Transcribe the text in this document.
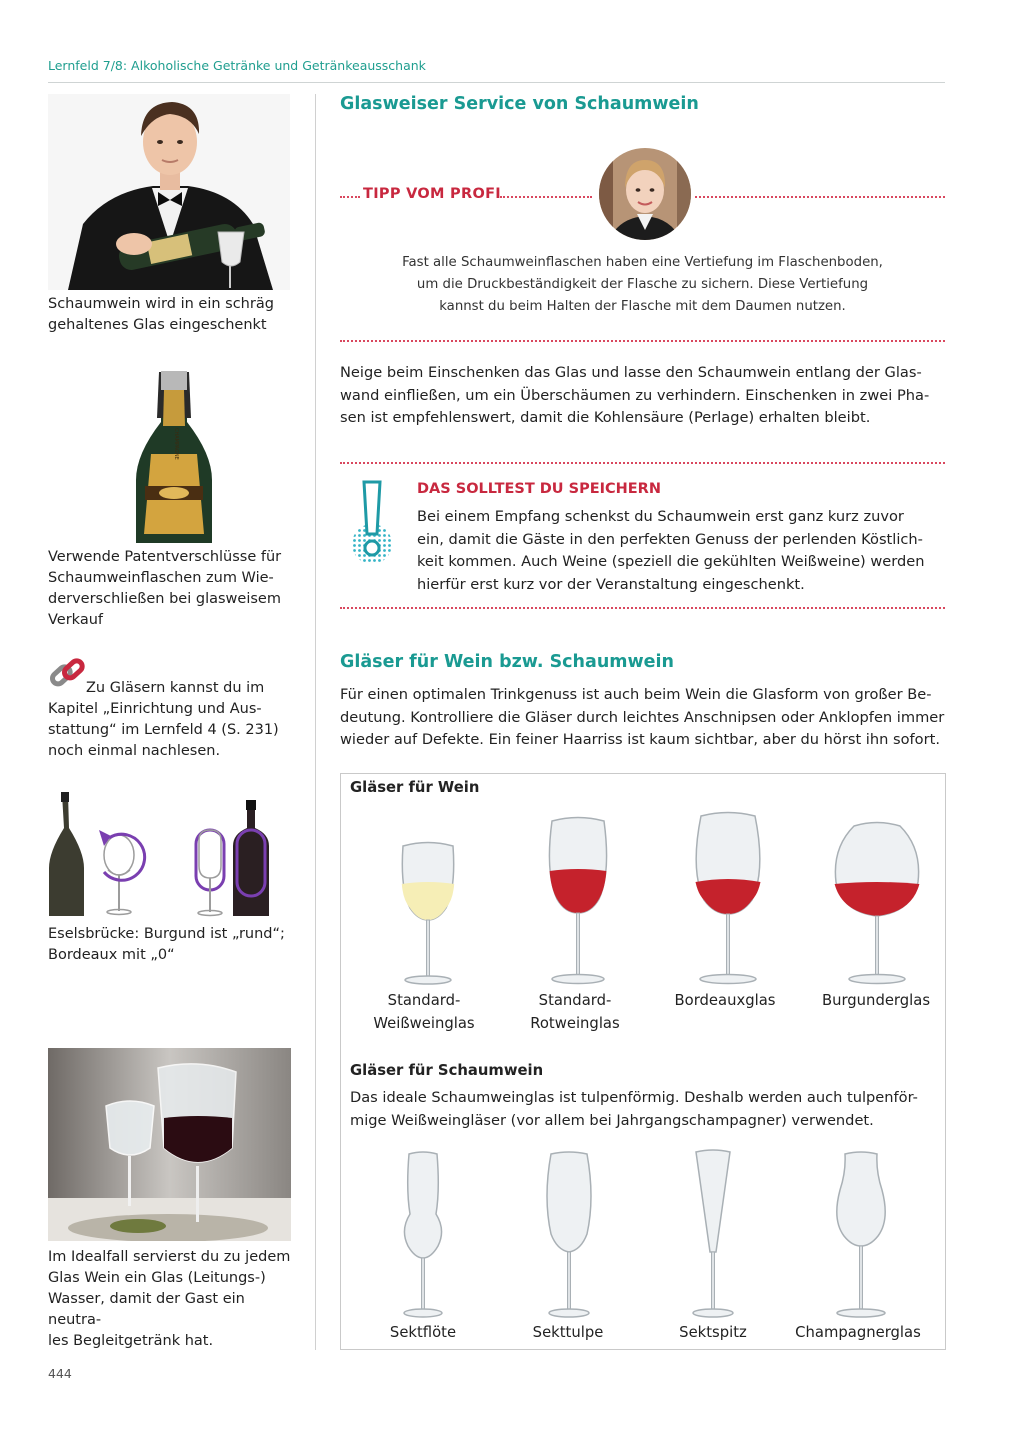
Lernfeld 7/8: Alkoholische Getränke und Getränkeausschank
Schaumwein wird in ein schräg
gehaltenes Glas eingeschenkt
CHAMPAGNE
Verwende Patentverschlüsse für
Schaumweinflaschen zum Wie-
derverschließen bei glasweisem
Verkauf
Zu Gläsern kannst du im
Kapitel „Einrichtung und Aus-
stattung“ im Lernfeld 4 (S. 231)
noch einmal nachlesen.
Eselsbrücke: Burgund ist „rund“;
Bordeaux mit „0“
Im Idealfall servierst du zu jedem
Glas Wein ein Glas (Leitungs-)
Wasser, damit der Gast ein neutra-
les Begleitgetränk hat.
Glasweiser Service von Schaumwein
TIPP VOM PROFI
Fast alle Schaumweinflaschen haben eine Vertiefung im Flaschenboden,
um die Druckbeständigkeit der Flasche zu sichern. Diese Vertiefung
kannst du beim Halten der Flasche mit dem Daumen nutzen.
Neige beim Einschenken das Glas und lasse den Schaumwein entlang der Glas-
wand einfließen, um ein Überschäumen zu verhindern. Einschenken in zwei Pha-
sen ist empfehlenswert, damit die Kohlensäure (Perlage) erhalten bleibt.
DAS SOLLTEST DU SPEICHERN
Bei einem Empfang schenkst du Schaumwein erst ganz kurz zuvor
ein, damit die Gäste in den perfekten Genuss der perlenden Köstlich-
keit kommen. Auch Weine (speziell die gekühlten Weißweine) werden
hierfür erst kurz vor der Veranstaltung eingeschenkt.
Gläser für Wein bzw. Schaumwein
Für einen optimalen Trinkgenuss ist auch beim Wein die Glasform von großer Be-
deutung. Kontrolliere die Gläser durch leichtes Anschnipsen oder Anklopfen immer
wieder auf Defekte. Ein feiner Haarriss ist kaum sichtbar, aber du hörst ihn sofort.
Gläser für Wein
Standard-
Weißweinglas
Standard-
Rotweinglas
Bordeauxglas	Burgunderglas
Gläser für Schaumwein
Das ideale Schaumweinglas ist tulpenförmig. Deshalb werden auch tulpenför-
mige Weißweingläser (vor allem bei Jahrgangschampagner) verwendet.
Sektflöte	Sekttulpe	Sektspitz	Champagnerglas
444
